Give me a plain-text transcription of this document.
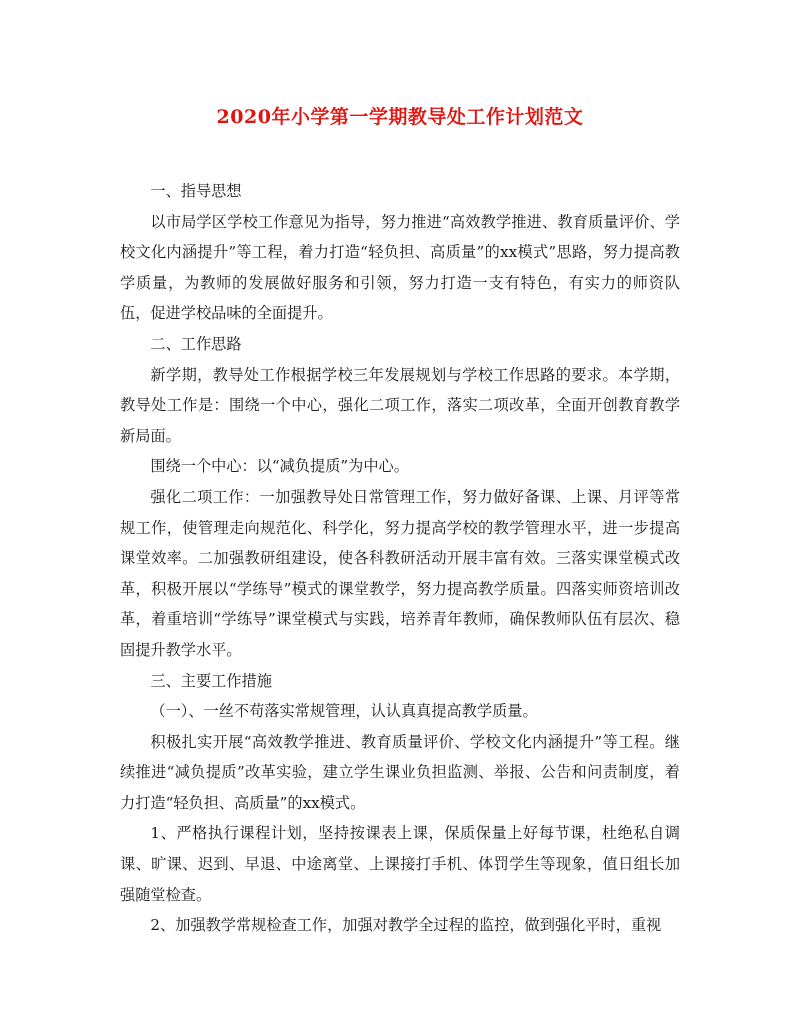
2020年小学第一学期教导处工作计划范文

一、指导思想

以市局学区学校工作意见为指导，努力推进“高效教学推进、教育质量评价、学校文化内涵提升”等工程，着力打造“轻负担、高质量”的xx模式”思路，努力提高教学质量，为教师的发展做好服务和引领，努力打造一支有特色，有实力的师资队伍，促进学校品味的全面提升。

二、工作思路

新学期，教导处工作根据学校三年发展规划与学校工作思路的要求。本学期，教导处工作是：围绕一个中心，强化二项工作，落实二项改革，全面开创教育教学新局面。

围绕一个中心：以“减负提质”为中心。

强化二项工作：一加强教导处日常管理工作，努力做好备课、上课、月评等常规工作，使管理走向规范化、科学化，努力提高学校的教学管理水平，进一步提高课堂效率。二加强教研组建设，使各科教研活动开展丰富有效。三落实课堂模式改革，积极开展以“学练导”模式的课堂教学，努力提高教学质量。四落实师资培训改革，着重培训“学练导”课堂模式与实践，培养青年教师，确保教师队伍有层次、稳固提升教学水平。

三、主要工作措施

（一）、一丝不苟落实常规管理，认认真真提高教学质量。

积极扎实开展“高效教学推进、教育质量评价、学校文化内涵提升”等工程。继续推进“减负提质”改革实验，建立学生课业负担监测、举报、公告和问责制度，着力打造“轻负担、高质量”的xx模式。

1、严格执行课程计划，坚持按课表上课，保质保量上好每节课，杜绝私自调课、旷课、迟到、早退、中途离堂、上课接打手机、体罚学生等现象，值日组长加强随堂检查。

2、加强教学常规检查工作，加强对教学全过程的监控，做到强化平时，重视
